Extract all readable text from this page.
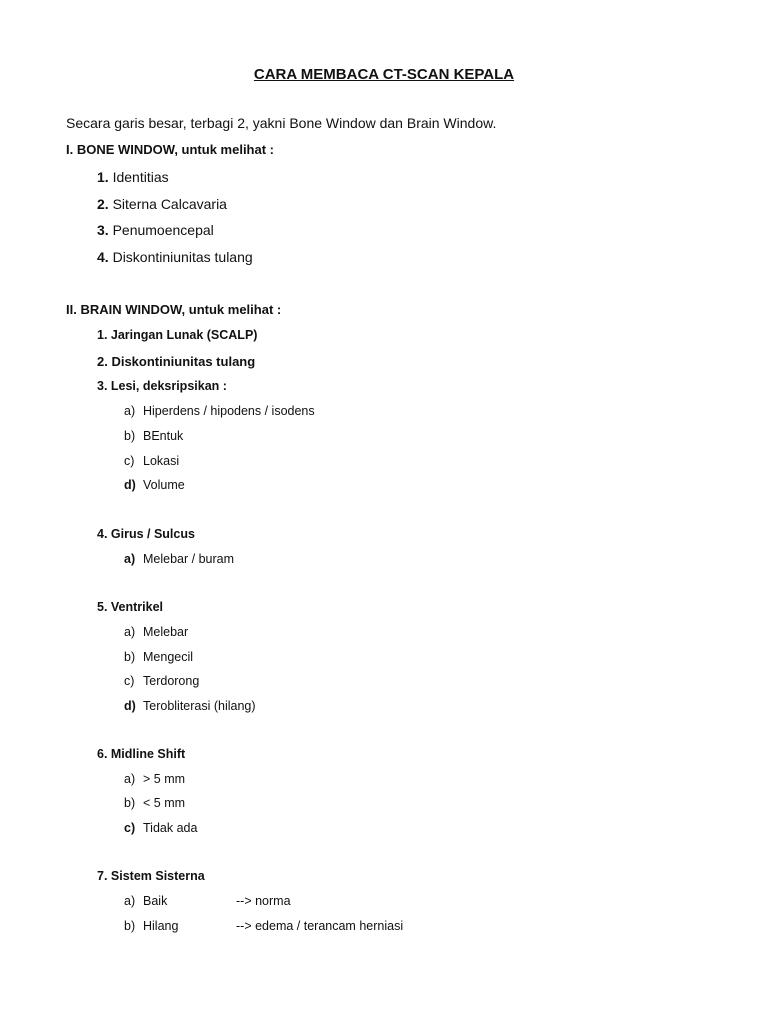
CARA MEMBACA CT-SCAN KEPALA
Secara garis besar, terbagi 2, yakni Bone Window dan Brain Window.
I. BONE WINDOW, untuk melihat :
1. Identitias
2. Siterna Calcavaria
3. Penumoencepal
4. Diskontiniunitas tulang
II. BRAIN WINDOW, untuk melihat :
1. Jaringan Lunak (SCALP)
2. Diskontiniunitas tulang
3. Lesi, deksripsikan :
a) Hiperdens / hipodens / isodens
b) BEntuk
c) Lokasi
d) Volume
4. Girus / Sulcus
a) Melebar / buram
5. Ventrikel
a) Melebar
b) Mengecil
c) Terdorong
d) Terobliterasi (hilang)
6. Midline Shift
a) > 5 mm
b) < 5 mm
c) Tidak ada
7. Sistem Sisterna
a) Baik	--> norma
b) Hilang	--> edema / terancam herniasi
